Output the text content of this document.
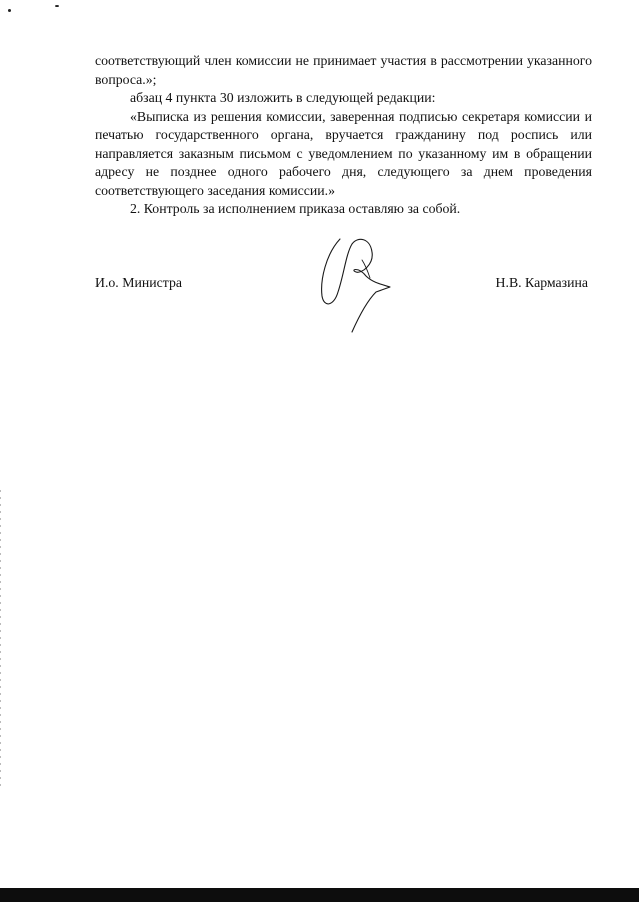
соответствующий член комиссии не принимает участия в рассмотрении указанного вопроса.»;

абзац 4 пункта 30 изложить в следующей редакции:

«Выписка из решения комиссии, заверенная подписью секретаря комиссии и печатью государственного органа, вручается гражданину под роспись или направляется заказным письмом с уведомлением по указанному им в обращении адресу не позднее одного рабочего дня, следующего за днем проведения соответствующего заседания комиссии.»

2. Контроль за исполнением приказа оставляю за собой.

И.о. Министра	Н.В. Кармазина
